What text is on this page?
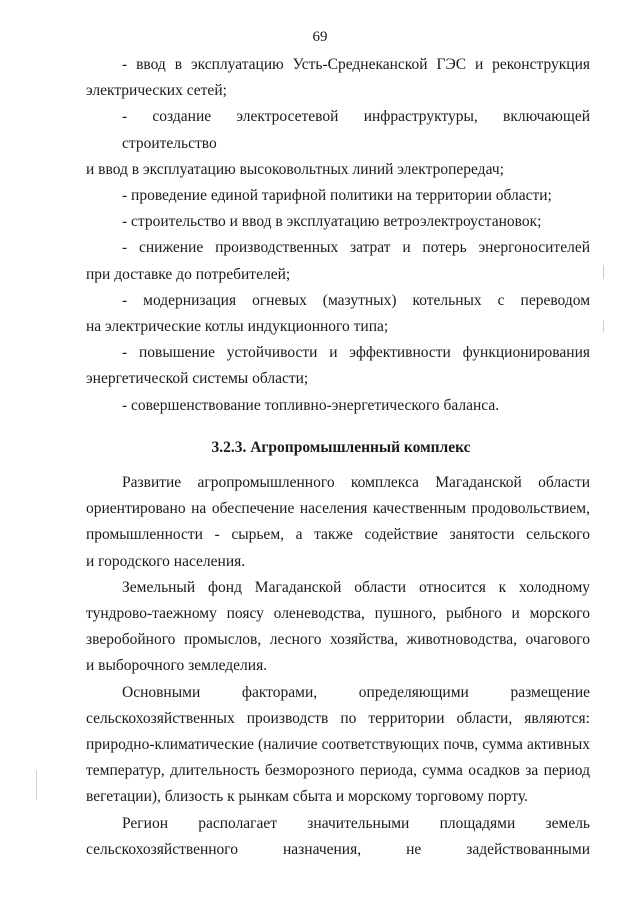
69
- ввод в эксплуатацию Усть-Среднеканской ГЭС и реконструкция
электрических сетей;
- создание электросетевой инфраструктуры, включающей строительство
и ввод в эксплуатацию высоковольтных линий электропередач;
- проведение единой тарифной политики на территории области;
- строительство и ввод в эксплуатацию ветроэлектроустановок;
- снижение производственных затрат и потерь энергоносителей
при доставке до потребителей;
- модернизация огневых (мазутных) котельных с переводом
на электрические котлы индукционного типа;
- повышение устойчивости и эффективности функционирования
энергетической системы области;
- совершенствование топливно-энергетического баланса.
3.2.3. Агропромышленный комплекс
Развитие агропромышленного комплекса Магаданской области
ориентировано на обеспечение населения качественным продовольствием,
промышленности - сырьем, а также содействие занятости сельского
и городского населения.
Земельный фонд Магаданской области относится к холодному
тундрово-таежному поясу оленеводства, пушного, рыбного и морского
зверобойного промыслов, лесного хозяйства, животноводства, очагового
и выборочного земледелия.
Основными факторами, определяющими размещение
сельскохозяйственных производств по территории области, являются:
природно-климатические (наличие соответствующих почв, сумма активных
температур, длительность безморозного периода, сумма осадков за период
вегетации), близость к рынкам сбыта и морскому торговому порту.
Регион располагает значительными площадями земель
сельскохозяйственного назначения, не задействованными
